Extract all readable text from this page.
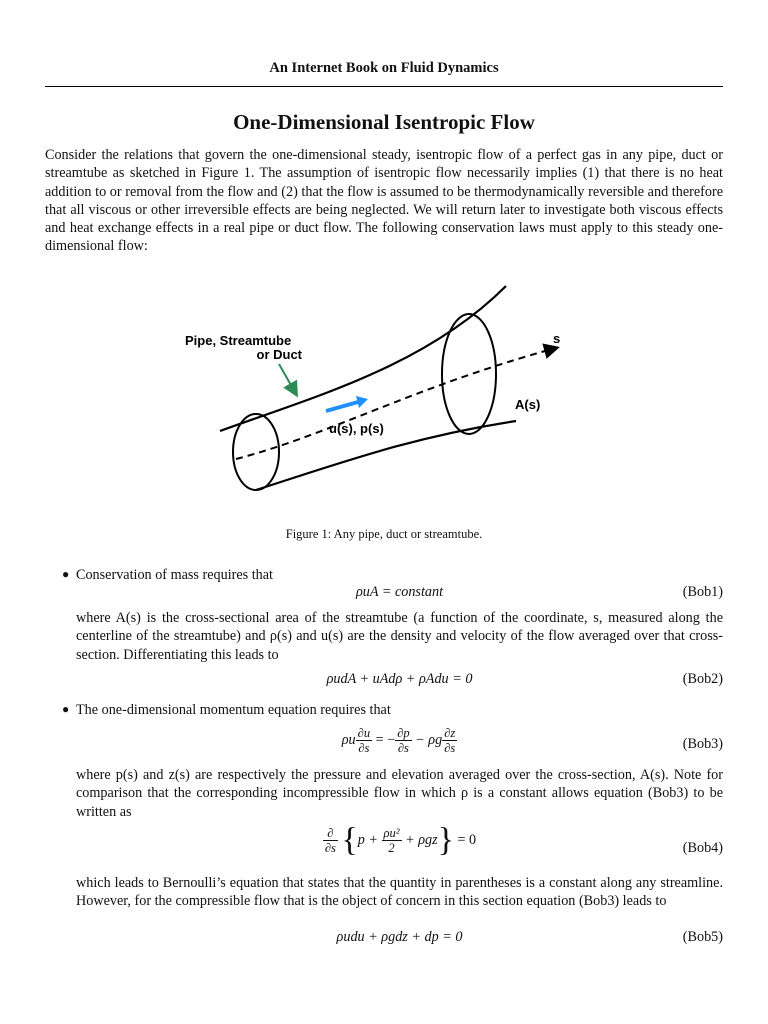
An Internet Book on Fluid Dynamics
One-Dimensional Isentropic Flow
Consider the relations that govern the one-dimensional steady, isentropic flow of a perfect gas in any pipe, duct or streamtube as sketched in Figure 1. The assumption of isentropic flow necessarily implies (1) that there is no heat addition to or removal from the flow and (2) that the flow is assumed to be thermodynamically reversible and therefore that all viscous or other irreversible effects are being neglected. We will return later to investigate both viscous effects and heat exchange effects in a real pipe or duct flow. The following conservation laws must apply to this steady one-dimensional flow:
Pipe, Streamtube
or Duct
s
A(s)
u(s), p(s)
Figure 1: Any pipe, duct or streamtube.
● Conservation of mass requires that
ρuA = constant	(Bob1)
where A(s) is the cross-sectional area of the streamtube (a function of the coordinate, s, measured along the centerline of the streamtube) and ρ(s) and u(s) are the density and velocity of the flow averaged over that cross-section. Differentiating this leads to
ρudA + uAdρ + ρAdu = 0	(Bob2)
● The one-dimensional momentum equation requires that
ρu $\frac{\partial u}{\partial s}$ = − $\frac{\partial p}{\partial s} - \rho g \frac{\partial z}{\partial s}$	(Bob3)
where p(s) and z(s) are respectively the pressure and elevation averaged over the cross-section, A(s). Note for comparison that the corresponding incompressible flow in which ρ is a constant allows equation (Bob3) to be written as
$\frac{\partial}{\partial s} \{p + \frac{\text{ρu²}}{2} + \rho gz\} = 0$
(Bob4)
which leads to Bernoulli’s equation that states that the quantity in parentheses is a constant along any streamline. However, for the compressible flow that is the object of concern in this section equation (Bob3) leads to
ρudu + ρgdz + dp = 0	(Bob5)
